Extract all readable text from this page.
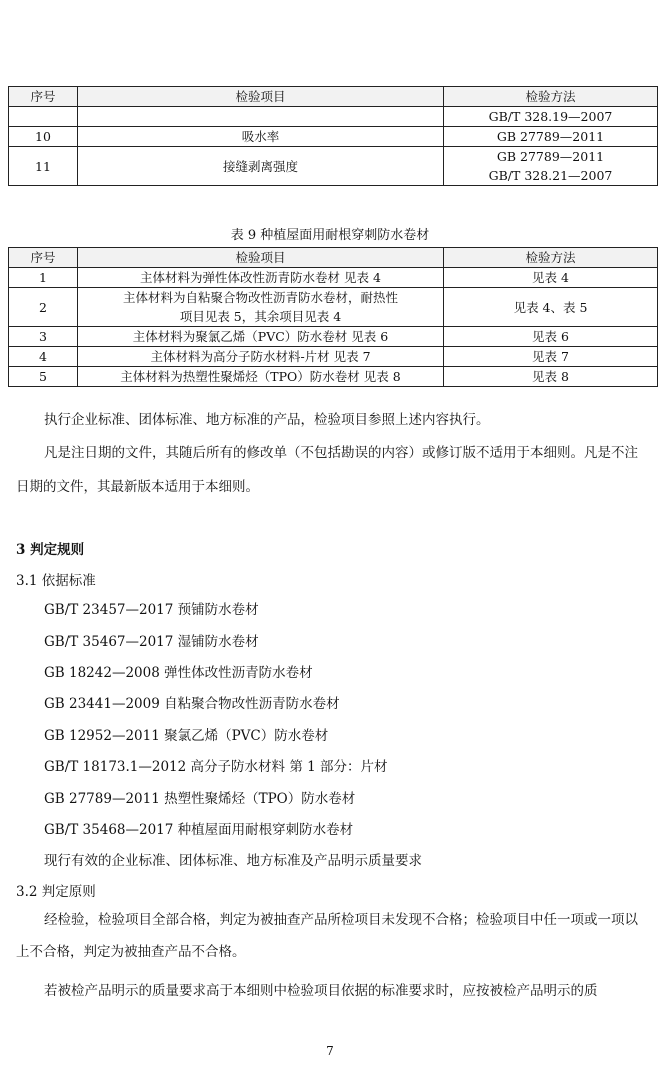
序号	检验项目	检验方法
		GB/T 328.19—2007
10	吸水率	GB 27789—2011
11	接缝剥离强度	GB 27789—2011
GB/T 328.21—2007
表 9 种植屋面用耐根穿刺防水卷材
序号	检验项目	检验方法
1	主体材料为弹性体改性沥青防水卷材 见表 4	见表 4
2	主体材料为自粘聚合物改性沥青防水卷材，耐热性
项目见表 5，其余项目见表 4	见表 4、表 5
3	主体材料为聚氯乙烯（PVC）防水卷材 见表 6	见表 6
4	主体材料为高分子防水材料-片材 见表 7	见表 7
5	主体材料为热塑性聚烯烃（TPO）防水卷材 见表 8	见表 8

执行企业标准、团体标准、地方标准的产品，检验项目参照上述内容执行。

凡是注日期的文件，其随后所有的修改单（不包括勘误的内容）或修订版不适用于本细则。凡是不注日期的文件，其最新版本适用于本细则。

3 判定规则
3.1 依据标准
GB/T 23457—2017 预铺防水卷材
GB/T 35467—2017 湿铺防水卷材
GB 18242—2008 弹性体改性沥青防水卷材
GB 23441—2009 自粘聚合物改性沥青防水卷材
GB 12952—2011 聚氯乙烯（PVC）防水卷材
GB/T 18173.1—2012 高分子防水材料 第 1 部分：片材
GB 27789—2011 热塑性聚烯烃（TPO）防水卷材
GB/T 35468—2017 种植屋面用耐根穿刺防水卷材
现行有效的企业标准、团体标准、地方标准及产品明示质量要求
3.2 判定原则

经检验，检验项目全部合格，判定为被抽查产品所检项目未发现不合格；检验项目中任一项或一项以上不合格，判定为被抽查产品不合格。

若被检产品明示的质量要求高于本细则中检验项目依据的标准要求时，应按被检产品明示的质

7
